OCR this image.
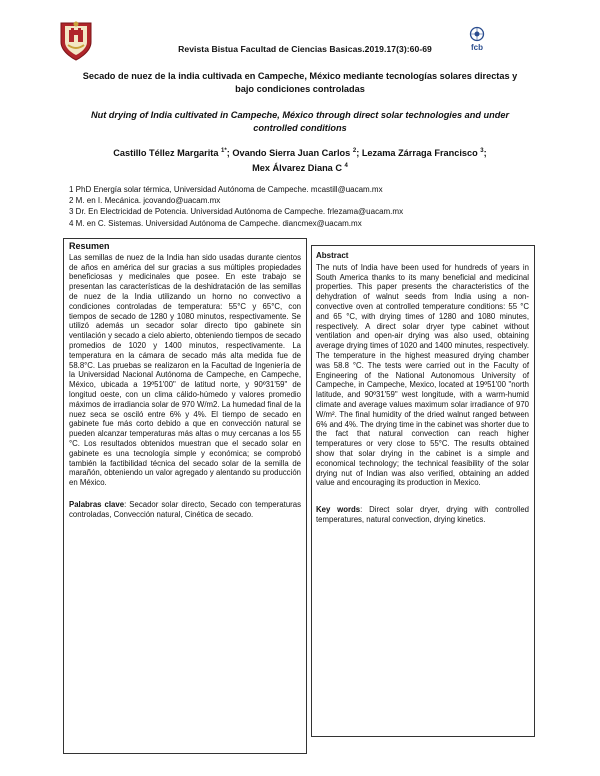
fcb
Revista Bistua Facultad de Ciencias Basicas.2019.17(3):60-69
Secado de nuez de la india cultivada en Campeche, México mediante tecnologías solares directas y bajo condiciones controladas
Nut drying of India cultivated in Campeche, México through direct solar technologies and under controlled conditions
Castillo Téllez Margarita $^{1*}$; Ovando Sierra Juan Carlos $^2$; Lezama Zárraga Francisco $^3$;
Mex Álvarez Diana C $^4$
1 PhD Energía solar térmica, Universidad Autónoma de Campeche. mcastill@uacam.mx
2 M. en I. Mecánica. jcovando@uacam.mx
3 Dr. En Electricidad de Potencia. Universidad Autónoma de Campeche. frlezama@uacam.mx
4 M. en C. Sistemas. Universidad Autónoma de Campeche. diancmex@uacam.mx
Resumen

Las semillas de nuez de la India han sido usadas durante cientos de años en américa del sur gracias a sus múltiples propiedades beneficiosas y medicinales que posee. En este trabajo se presentan las características de la deshidratación de las semillas de nuez de la India utilizando un horno no convectivo a condiciones controladas de temperatura: 55°C y 65°C, con tiempos de secado de 1280 y 1080 minutos, respectivamente. Se utilizó además un secador solar directo tipo gabinete sin ventilación y secado a cielo abierto, obteniendo tiempos de secado promedios de 1020 y 1400 minutos, respectivamente. La temperatura en la cámara de secado más alta medida fue de 58.8°C. Las pruebas se realizaron en la Facultad de Ingeniería de la Universidad Nacional Autónoma de Campeche, en Campeche, México, ubicada a 19º51'00" de latitud norte, y 90º31'59" de longitud oeste, con un clima cálido-húmedo y valores promedio máximos de irradiancia solar de 970 W/m2. La humedad final de la nuez seca se osciló entre 6% y 4%. El tiempo de secado en gabinete fue más corto debido a que en convección natural se pueden alcanzar temperaturas más altas o muy cercanas a los 55 °C. Los resultados obtenidos muestran que el secado solar en gabinete es una tecnología simple y económica; se comprobó también la factibilidad técnica del secado solar de la semilla de marañón, obteniendo un valor agregado y alentando su producción en México.

Palabras clave: Secador solar directo, Secado con temperaturas controladas, Convección natural, Cinética de secado.

Abstract

The nuts of India have been used for hundreds of years in South America thanks to its many beneficial and medicinal properties. This paper presents the characteristics of the dehydration of walnut seeds from India using a non-convective oven at controlled temperature conditions: 55 °C and 65 °C, with drying times of 1280 and 1080 minutes, respectively. A direct solar dryer type cabinet without ventilation and open-air drying was also used, obtaining average drying times of 1020 and 1400 minutes, respectively. The temperature in the highest measured drying chamber was 58.8 °C. The tests were carried out in the Faculty of Engineering of the National Autonomous University of Campeche, in Campeche, Mexico, located at 19º51'00 "north latitude, and 90º31'59" west longitude, with a warm-humid climate and average values maximum solar irradiance of 970 W/m². The final humidity of the dried walnut ranged between 6% and 4%. The drying time in the cabinet was shorter due to the fact that natural convection can reach higher temperatures or very close to 55°C. The results obtained show that solar drying in the cabinet is a simple and economical technology; the technical feasibility of the solar drying nut of Indian was also verified, obtaining an added value and encouraging its production in Mexico.

Key words: Direct solar dryer, drying with controlled temperatures, natural convection, drying kinetics.
